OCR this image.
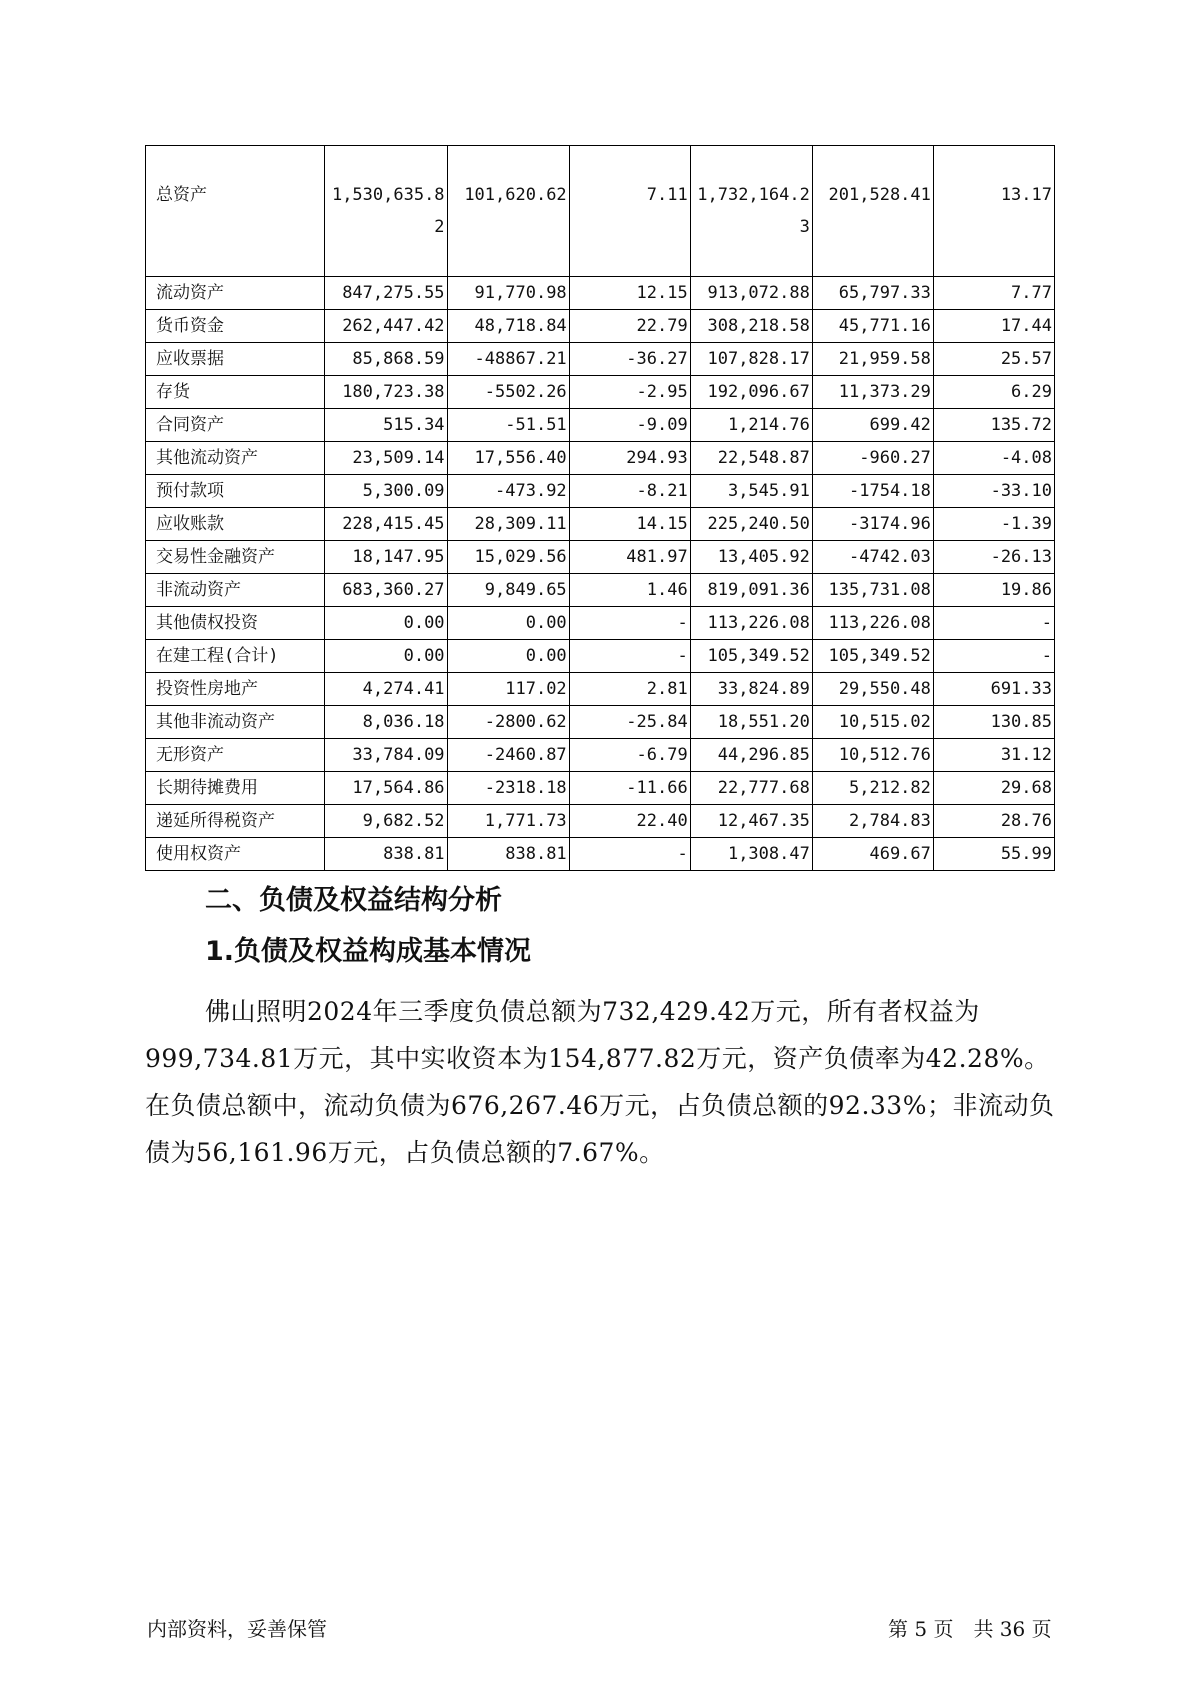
总资产	1,530,635.82	101,620.62	7.11	1,732,164.23	201,528.41	13.17
流动资产	847,275.55	91,770.98	12.15	913,072.88	65,797.33	7.77
货币资金	262,447.42	48,718.84	22.79	308,218.58	45,771.16	17.44
应收票据	85,868.59	-48867.21	-36.27	107,828.17	21,959.58	25.57
存货	180,723.38	-5502.26	-2.95	192,096.67	11,373.29	6.29
合同资产	515.34	-51.51	-9.09	1,214.76	699.42	135.72
其他流动资产	23,509.14	17,556.40	294.93	22,548.87	-960.27	-4.08
预付款项	5,300.09	-473.92	-8.21	3,545.91	-1754.18	-33.10
应收账款	228,415.45	28,309.11	14.15	225,240.50	-3174.96	-1.39
交易性金融资产	18,147.95	15,029.56	481.97	13,405.92	-4742.03	-26.13
非流动资产	683,360.27	9,849.65	1.46	819,091.36	135,731.08	19.86
其他债权投资	0.00	0.00	-	113,226.08	113,226.08	-
在建工程(合计)	0.00	0.00	-	105,349.52	105,349.52	-
投资性房地产	4,274.41	117.02	2.81	33,824.89	29,550.48	691.33
其他非流动资产	8,036.18	-2800.62	-25.84	18,551.20	10,515.02	130.85
无形资产	33,784.09	-2460.87	-6.79	44,296.85	10,512.76	31.12
长期待摊费用	17,564.86	-2318.18	-11.66	22,777.68	5,212.82	29.68
递延所得税资产	9,682.52	1,771.73	22.40	12,467.35	2,784.83	28.76
使用权资产	838.81	838.81	-	1,308.47	469.67	55.99
二、负债及权益结构分析
1.负债及权益构成基本情况

佛山照明2024年三季度负债总额为732,429.42万元，所有者权益为999,734.81万元，其中实收资本为154,877.82万元，资产负债率为42.28%。在负债总额中，流动负债为676,267.46万元，占负债总额的92.33%；非流动负债为56,161.96万元，占负债总额的7.67%。

内部资料，妥善保管	第 5 页　共 36 页
